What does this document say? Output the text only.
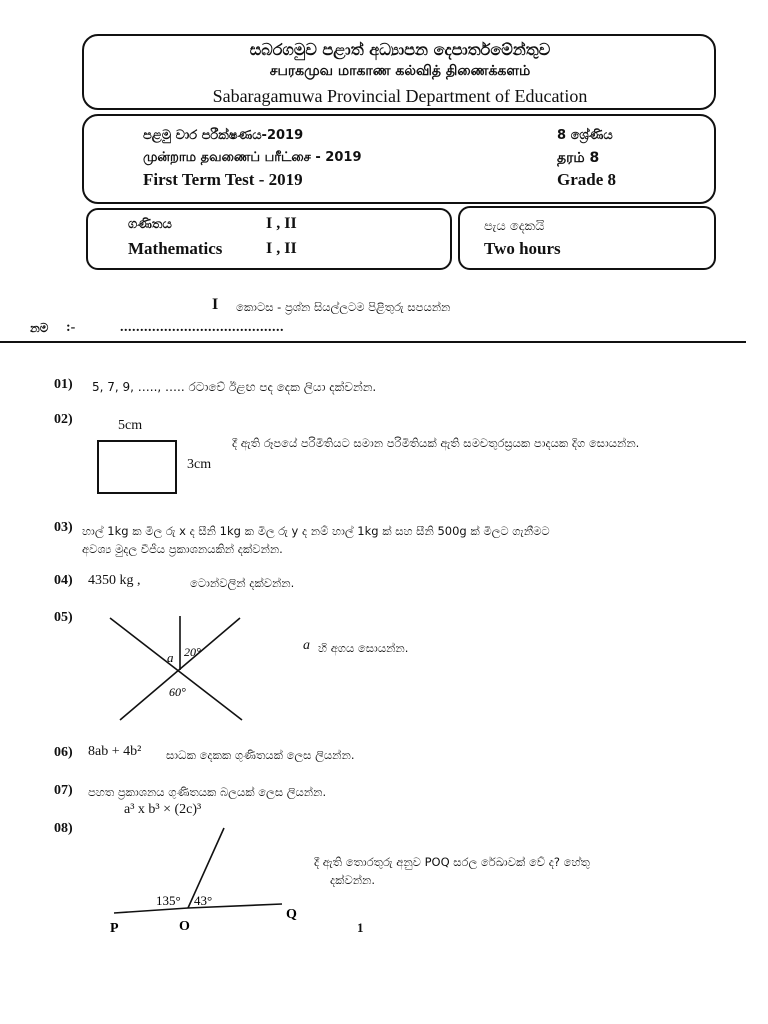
සබරගමුව පළාත් අධ්‍යාපන දෙපාර්තමේන්තුව
சபரகமுவ மாகாண கல்வித் திணைக்களம்
Sabaragamuwa Provincial Department of Education
පළමු වාර පරීක්ෂණය-2019
முன்றாம தவணைப் பரீட்சை - 2019
First Term Test - 2019
8 ශ්‍රේණිය
தரம் 8
Grade 8
ගණිතය	I , II
Mathematics	I , II
පැය දෙකයි
Two hours
I කොටස - ප්‍රශ්න සියල්ලටම පිළිතුරු සපයන්න
නම :-	.........................................
01) 5, 7, 9, ….., ….. රටාවේ ඊළඟ පද දෙක ලියා දක්වන්න.
02)	5cm
3cm
දී ඇති රූපයේ පරිමිතියට සමාන පරිමිතියක් ඇති සමචතුරස්‍රයක පාදයක දිග සොයන්න.
03) හාල් 1kg ක මිල රු x ද සීනි 1kg ක මිල රු y ද නම් හාල් 1kg ක් සහ සීනි 500g ක් මිලට ගැනීමට
අවශ්‍ය මුදල වීජීය ප්‍රකාශනයකින් දක්වන්න.
04) 4350 kg ,	ටොන්වලින් දක්වන්න.
05)
a 20°
60°
a හි අගය සොයන්න.
06) 8ab + 4b² සාධක දෙකක ගුණිතයක් ලෙස ලියන්න.
07) පහත ප්‍රකාශනය ගුණිතයක බලයක් ලෙස ලියන්න.
a³ x b³ × (2c)³
08)
135° 43°
P	O
Q
දී ඇති තොරතුරු අනුව POQ සරල රේඛාවක් වේ ද? හේතු
දක්වන්න.
1
